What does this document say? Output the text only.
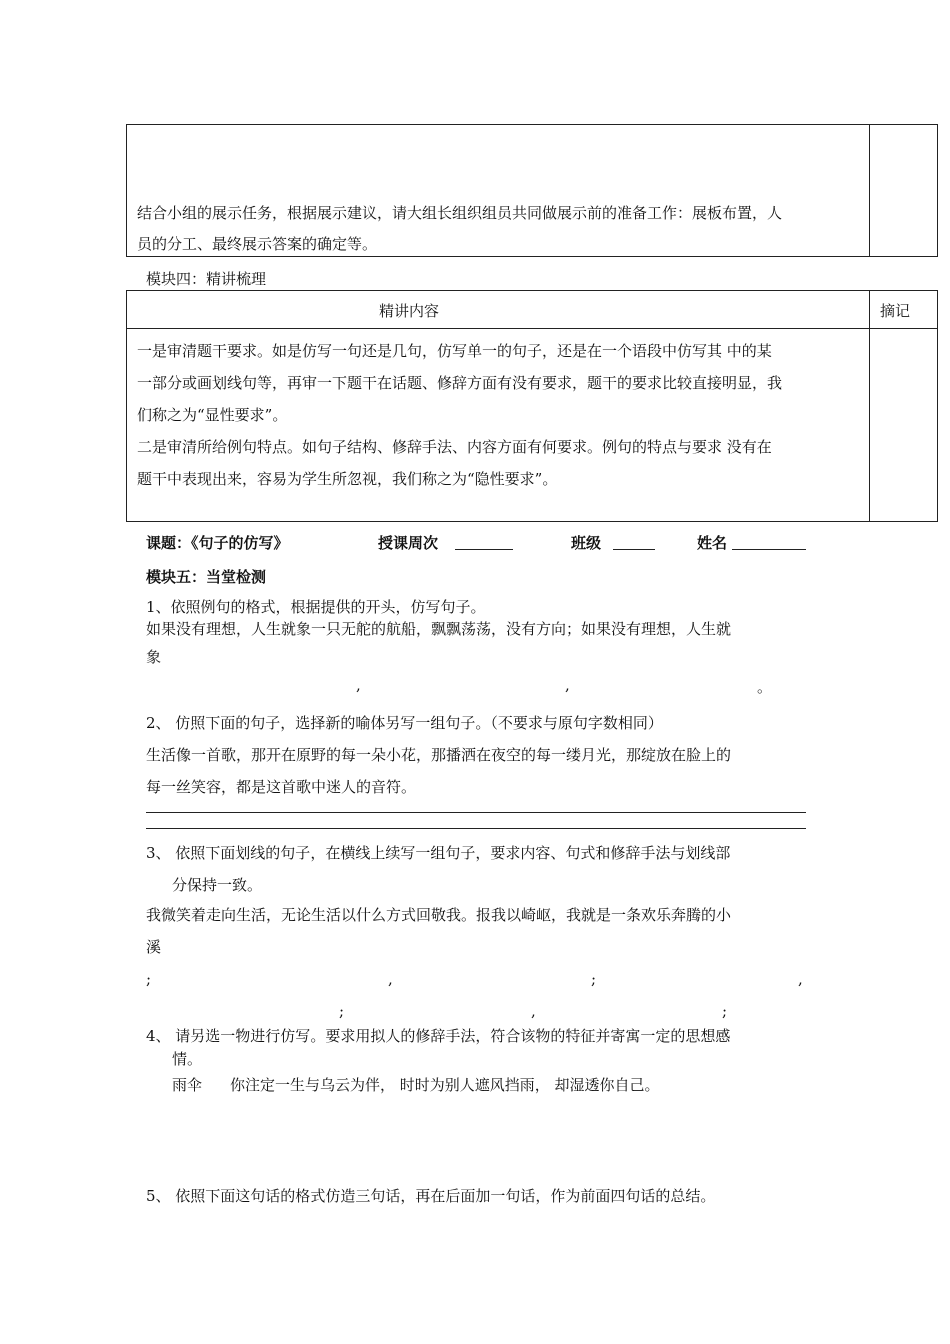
结合小组的展示任务，根据展示建议，请大组长组织组员共同做展示前的准备工作：展板布置，人
员的分工、最终展示答案的确定等。
模块四：精讲梳理
精讲内容	摘记
一是审清题干要求。如是仿写一句还是几句，仿写单一的句子，还是在一个语段中仿写其 中的某
一部分或画划线句等，再审一下题干在话题、修辞方面有没有要求，题干的要求比较直接明显，我
们称之为“显性要求”。
二是审清所给例句特点。如句子结构、修辞手法、内容方面有何要求。例句的特点与要求 没有在
题干中表现出来，容易为学生所忽视，我们称之为“隐性要求”。
课题：《句子的仿写》	授课周次	班级	姓名
模块五：当堂检测
1、依照例句的格式，根据提供的开头，仿写句子。
如果没有理想，人生就象一只无舵的航船，飘飘荡荡，没有方向；如果没有理想，人生就
象
,	,	。
2、 仿照下面的句子，选择新的喻体另写一组句子。（不要求与原句字数相同）
生活像一首歌，那开在原野的每一朵小花，那播洒在夜空的每一缕月光，那绽放在脸上的
每一丝笑容，都是这首歌中迷人的音符。
3、 依照下面划线的句子，在横线上续写一组句子，要求内容、句式和修辞手法与划线部
分保持一致。
我微笑着走向生活，无论生活以什么方式回敬我。报我以崎岖，我就是一条欢乐奔腾的小
溪
;	,	;	,
;	,	;
4、 请另选一物进行仿写。要求用拟人的修辞手法，符合该物的特征并寄寓一定的思想感
情。
雨伞 你注定一生与乌云为伴， 时时为别人遮风挡雨， 却湿透你自己。
5、 依照下面这句话的格式仿造三句话，再在后面加一句话，作为前面四句话的总结。
